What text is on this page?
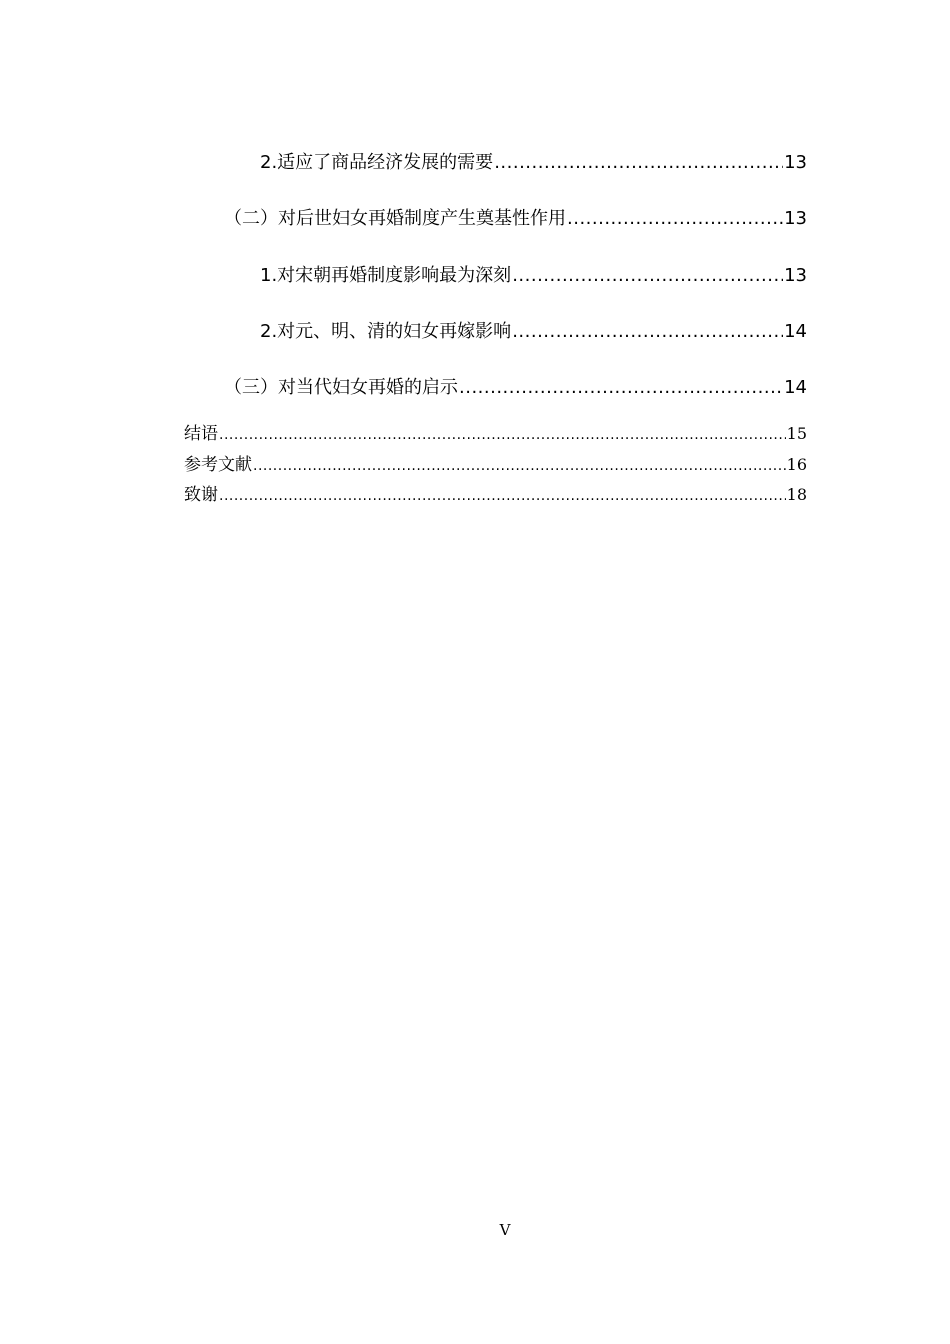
2.适应了商品经济发展的需要 .....	13
（二）对后世妇女再婚制度产生奠基性作用 .....	13
1.对宋朝再婚制度影响最为深刻 .....	13
2.对元、明、清的妇女再嫁影响 .....	14
（三）对当代妇女再婚的启示 .....	14
结语 .....	15
参考文献 .....	16
致谢 .....	18
V
